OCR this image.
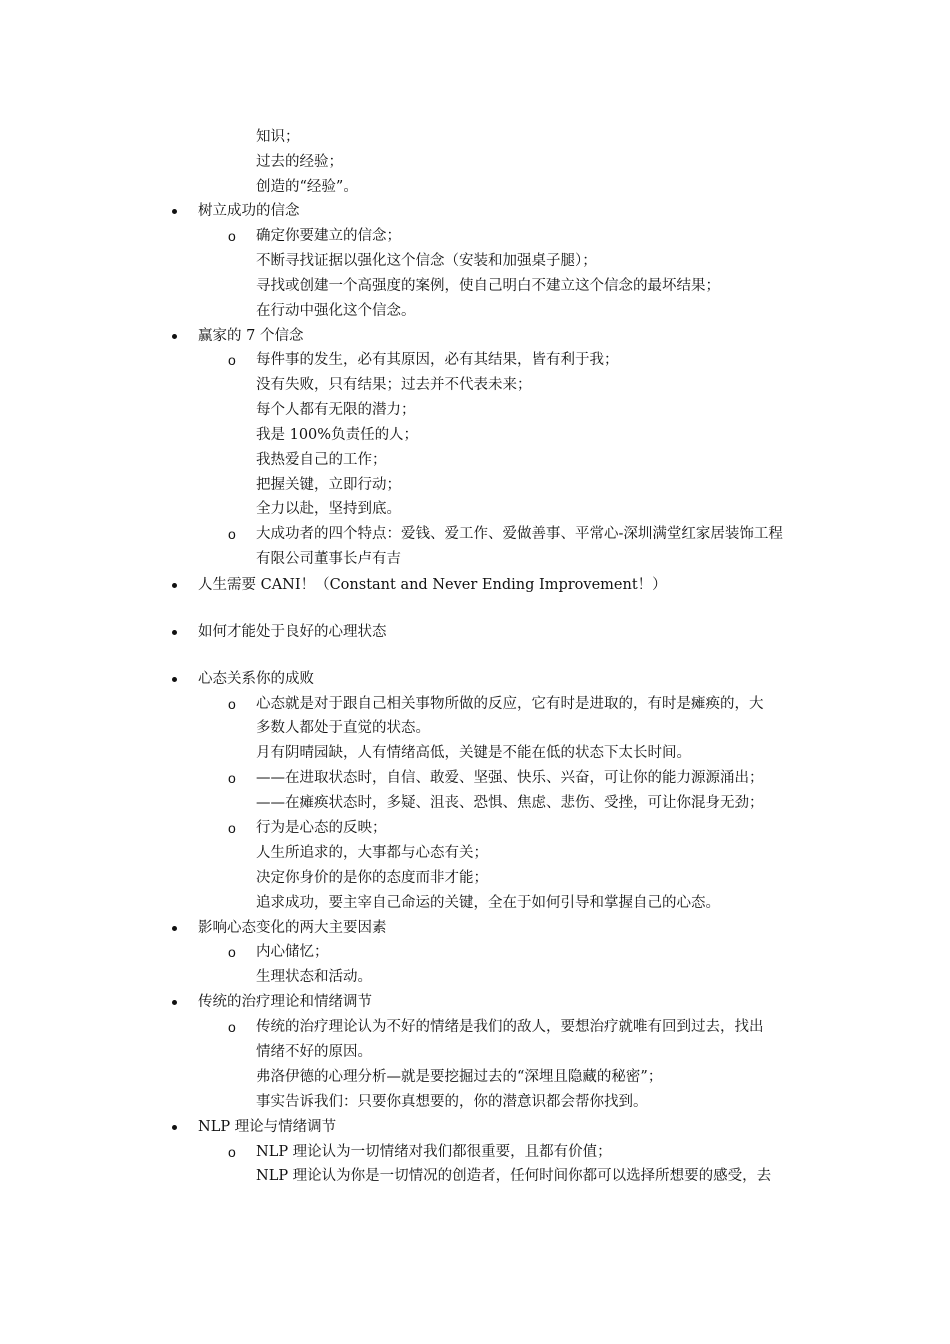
o
o
o
o
o
o
o
o
o
知识；
过去的经验；
创造的“经验”。
树立成功的信念
确定你要建立的信念；
不断寻找证据以强化这个信念（安装和加强桌子腿）；
寻找或创建一个高强度的案例，使自己明白不建立这个信念的最坏结果；
在行动中强化这个信念。
赢家的 7 个信念
每件事的发生，必有其原因，必有其结果，皆有利于我；
没有失败，只有结果；过去并不代表未来；
每个人都有无限的潜力；
我是 100%负责任的人；
我热爱自己的工作；
把握关键，立即行动；
全力以赴，坚持到底。
大成功者的四个特点：爱钱、爱工作、爱做善事、平常心-深圳满堂红家居装饰工程
有限公司董事长卢有吉
人生需要 CANI！（Constant and Never Ending Improvement！）
如何才能处于良好的心理状态
心态关系你的成败
心态就是对于跟自己相关事物所做的反应，它有时是进取的，有时是瘫痪的，大
多数人都处于直觉的状态。
月有阴晴园缺，人有情绪高低，关键是不能在低的状态下太长时间。
——在进取状态时，自信、敢爱、坚强、快乐、兴奋，可让你的能力源源涌出；
——在瘫痪状态时，多疑、沮丧、恐惧、焦虑、悲伤、受挫，可让你混身无劲；
行为是心态的反映；
人生所追求的，大事都与心态有关；
决定你身价的是你的态度而非才能；
追求成功，要主宰自己命运的关键，全在于如何引导和掌握自己的心态。
影响心态变化的两大主要因素
内心储忆；
生理状态和活动。
传统的治疗理论和情绪调节
传统的治疗理论认为不好的情绪是我们的敌人，要想治疗就唯有回到过去，找出
情绪不好的原因。
弗洛伊德的心理分析—就是要挖掘过去的“深埋且隐藏的秘密”；
事实告诉我们：只要你真想要的，你的潜意识都会帮你找到。
NLP 理论与情绪调节
NLP 理论认为一切情绪对我们都很重要，且都有价值；
NLP 理论认为你是一切情况的创造者，任何时间你都可以选择所想要的感受，去
